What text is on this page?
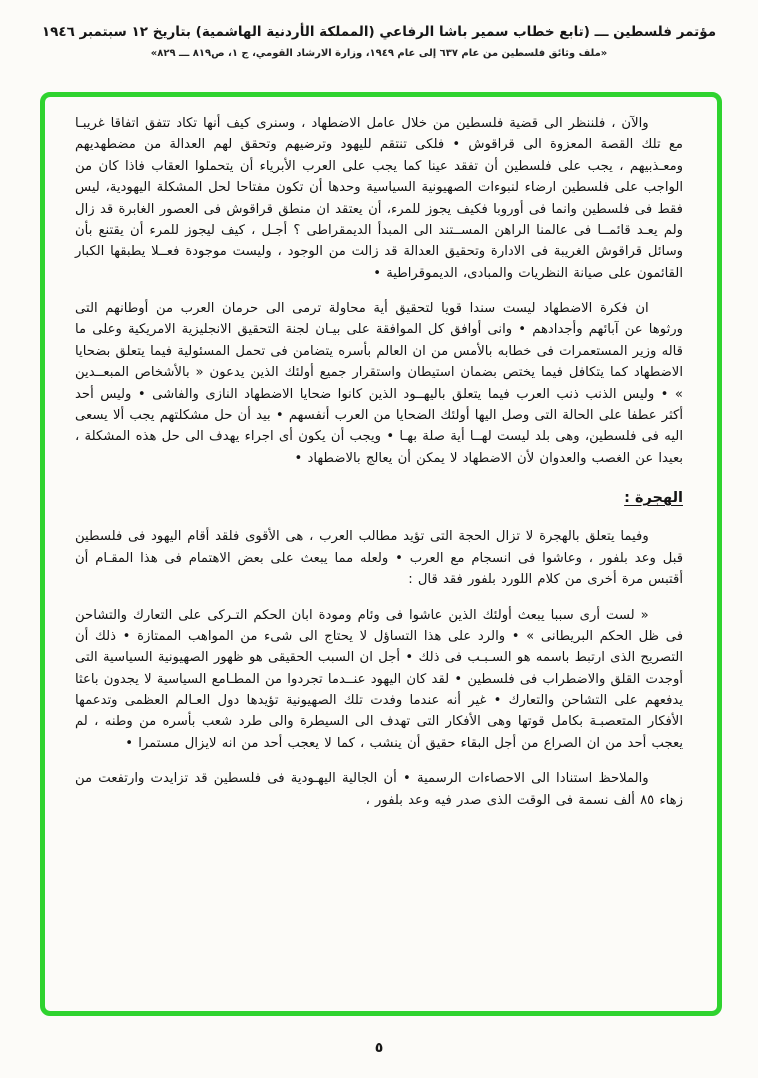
مؤتمر فلسطين ـــ (تابع خطاب سمير باشا الرفاعي (المملكة الأردنية الهاشمية) بتاريخ ١٢ سبتمبر ١٩٤٦
«ملف وثائق فلسطين من عام ٦٣٧ إلى عام ١٩٤٩، وزارة الارشاد القومي، ج ١، ص٨١٩ ـــ ٨٢٩»

والآن ، فلننظر الى قضية فلسطين من خلال عامل الاضطهاد ، وسنرى كيف أنها تكاد تتفق اتفاقا غريبـا مع تلك القصة المعزوة الى قراقوش • فلكى تنتقم لليهود وترضيهم وتحقق لهم العدالة من مضطهديهم ومعـذبيهم ، يجب على فلسطين أن تفقد عينا كما يجب على العرب الأبرياء أن يتحملوا العقاب فاذا كان من الواجب على فلسطين ارضاء لنبوءات الصهيونية السياسية وحدها أن تكون مفتاحا لحل المشكلة اليهودية، ليس فقط فى فلسطين وانما فى أوروبا فكيف يجوز للمرء، أن يعتقد ان منطق قراقوش فى العصور الغابرة قد زال ولم يعـد قائمــا فى عالمنا الراهن المســتند الى المبدأ الديمقراطى ؟ أجـل ، كيف ليجوز للمرء أن يقتنع بأن وسائل قراقوش الغريبة فى الادارة وتحقيق العدالة قد زالت من الوجود ، وليست موجودة فعــلا يطبقها الكبار القائمون على صيانة النظريات والمبادى، الديموقراطية •

ان فكرة الاضطهاد ليست سندا قويا لتحقيق أية محاولة ترمى الى حرمان العرب من أوطانهم التى ورثوها عن آبائهم وأجدادهم • وانى أوافق كل الموافقة على بيـان لجنة التحقيق الانجليزية الامريكية وعلى ما قاله وزير المستعمرات فى خطابه بالأمس من ان العالم بأسره يتضامن فى تحمل المسئولية فيما يتعلق بضحايا الاضطهاد كما يتكافل فيما يختص بضمان استيطان واستقرار جميع أولئك الذين يدعون « بالأشخاص المبعــدين » • وليس الذنب ذنب العرب فيما يتعلق باليهــود الذين كانوا ضحايا الاضطهاد النازى والفاشى • وليس أحد أكثر عطفا على الحالة التى وصل اليها أولئك الضحايا من العرب أنفسهم • بيد أن حل مشكلتهم يجب ألا يسعى اليه فى فلسطين، وهى بلد ليست لهــا أية صلة بهـا • ويجب أن يكون أى اجراء يهدف الى حل هذه المشكلة ، بعيدا عن الغصب والعدوان لأن الاضطهاد لا يمكن أن يعالج بالاضطهاد •

الهجرة :

وفيما يتعلق بالهجرة لا تزال الحجة التى تؤيد مطالب العرب ، هى الأقوى فلقد أقام اليهود فى فلسطين قبل وعد بلفور ، وعاشوا فى انسجام مع العرب • ولعله مما يبعث على بعض الاهتمام فى هذا المقـام أن أقتبس مرة أخرى من كلام اللورد بلفور فقد قال :

« لست أرى سببا يبعث أولئك الذين عاشوا فى وئام ومودة ابان الحكم التـركى على التعارك والتشاحن فى ظل الحكم البريطانى » • والرد على هذا التساؤل لا يحتاج الى شىء من المواهب الممتازة • ذلك أن التصريح الذى ارتبط باسمه هو السـبـب فى ذلك • أجل ان السبب الحقيقى هو ظهور الصهيونية السياسية التى أوجدت القلق والاضطراب فى فلسطين • لقد كان اليهود عنــدما تجردوا من المطـامع السياسية لا يجدون باعثا يدفعهم على التشاحن والتعارك • غير أنه عندما وفدت تلك الصهيونية تؤيدها دول العـالم العظمى وتدعمها الأفكار المتعصبـة بكامل قوتها وهى الأفكار التى تهدف الى السيطرة والى طرد شعب بأسره من وطنه ، لم يعجب أحد من ان الصراع من أجل البقاء حقيق أن ينشب ، كما لا يعجب أحد من انه لايزال مستمرا •

والملاحظ استنادا الى الاحصاءات الرسمية • أن الجالية اليهـودية فى فلسطين قد تزايدت وارتفعت من زهاء ٨٥ ألف نسمة فى الوقت الذى صدر فيه وعد بلفور ،

٥
